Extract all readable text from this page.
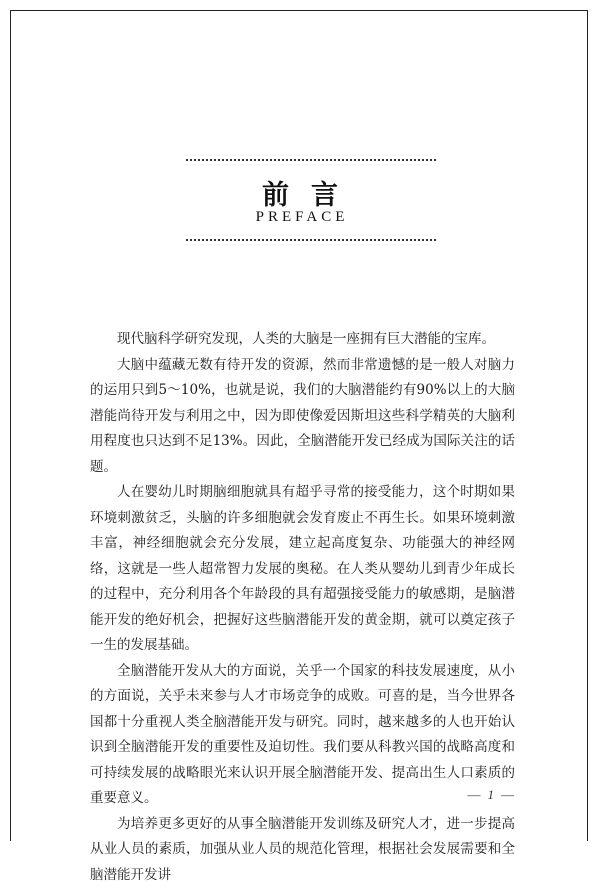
前言
PREFACE

现代脑科学研究发现，人类的大脑是一座拥有巨大潜能的宝库。

大脑中蕴藏无数有待开发的资源，然而非常遗憾的是一般人对脑力的运用只到5～10%，也就是说，我们的大脑潜能约有90%以上的大脑潜能尚待开发与利用之中，因为即使像爱因斯坦这些科学精英的大脑利用程度也只达到不足13%。因此，全脑潜能开发已经成为国际关注的话题。

人在婴幼儿时期脑细胞就具有超乎寻常的接受能力，这个时期如果环境刺激贫乏，头脑的许多细胞就会发育废止不再生长。如果环境刺激丰富，神经细胞就会充分发展，建立起高度复杂、功能强大的神经网络，这就是一些人超常智力发展的奥秘。在人类从婴幼儿到青少年成长的过程中，充分利用各个年龄段的具有超强接受能力的敏感期，是脑潜能开发的绝好机会，把握好这些脑潜能开发的黄金期，就可以奠定孩子一生的发展基础。

全脑潜能开发从大的方面说，关乎一个国家的科技发展速度，从小的方面说，关乎未来参与人才市场竞争的成败。可喜的是，当今世界各国都十分重视人类全脑潜能开发与研究。同时，越来越多的人也开始认识到全脑潜能开发的重要性及迫切性。我们要从科教兴国的战略高度和可持续发展的战略眼光来认识开展全脑潜能开发、提高出生人口素质的重要意义。

为培养更多更好的从事全脑潜能开发训练及研究人才，进一步提高从业人员的素质，加强从业人员的规范化管理，根据社会发展需要和全脑潜能开发讲

— 1 —
